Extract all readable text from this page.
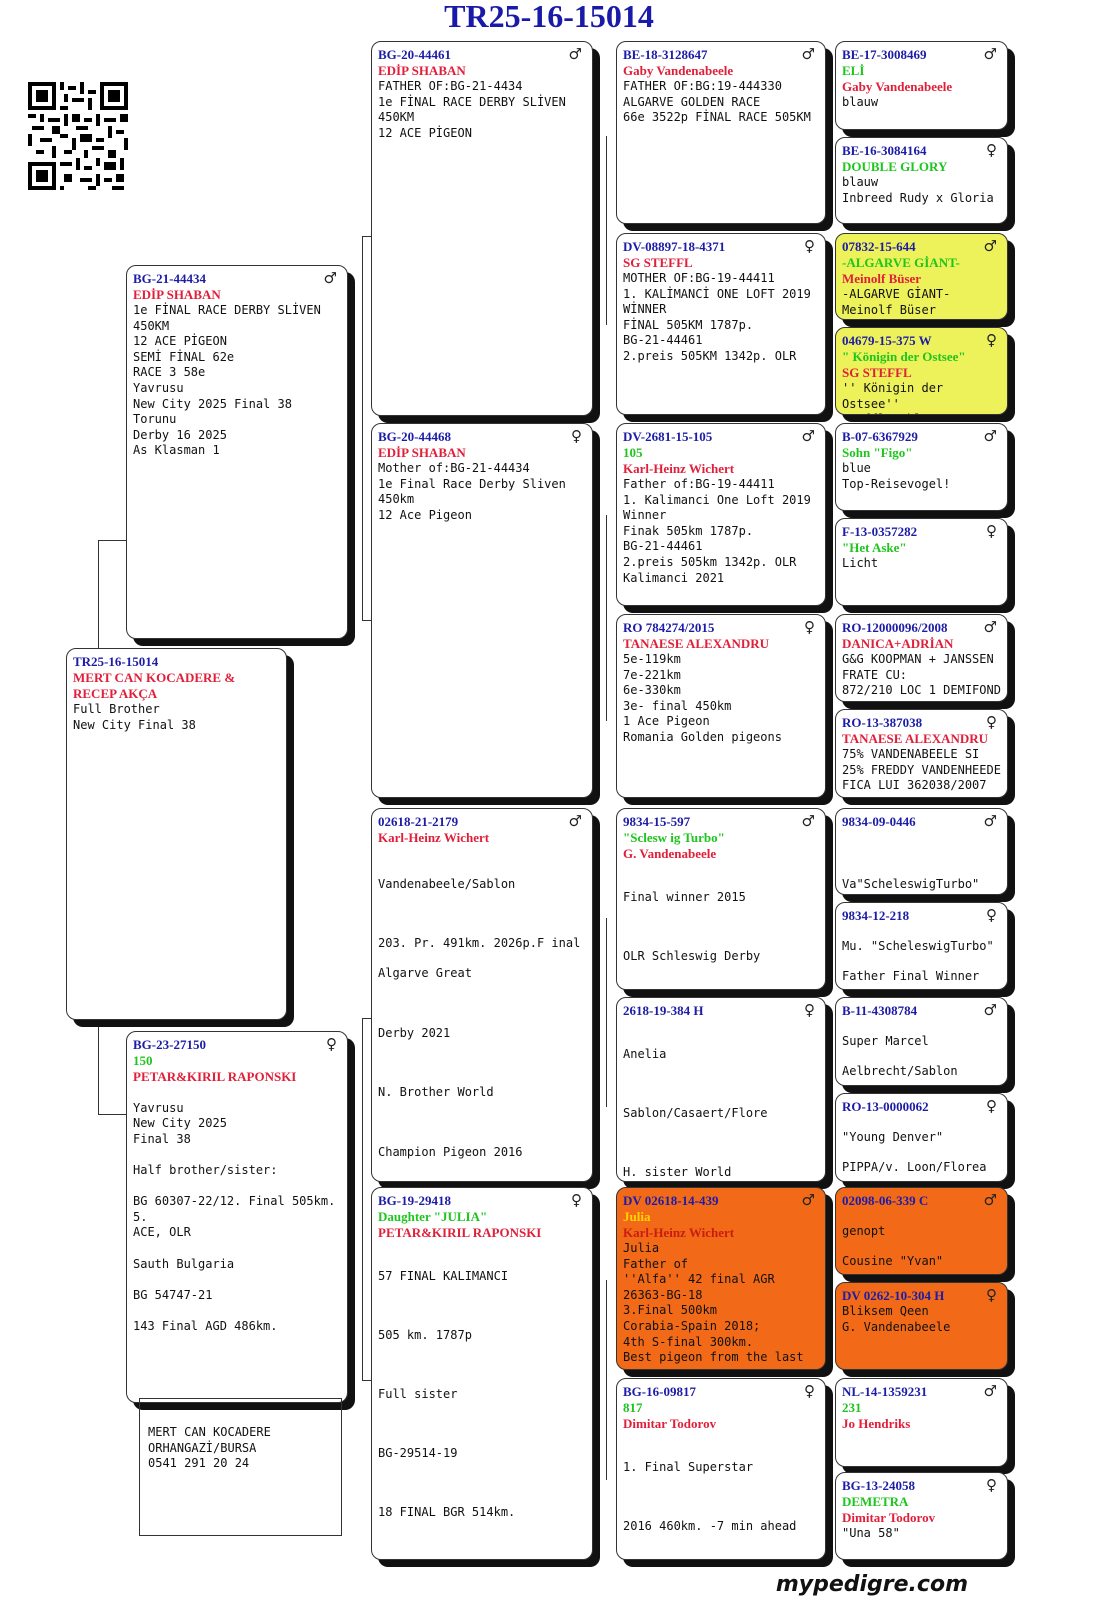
TR25-16-15014
TR25-16-15014
MERT CAN KOCADERE &
RECEP AKÇA
Full Brother
New City Final 38
BG-21-44434	♂
EDİP SHABAN
1e FİNAL RACE DERBY SLİVEN
450KM
12 ACE PİGEON
SEMİ FİNAL 62e
RACE 3 58e
Yavrusu
New City 2025 Final 38
Torunu
Derby 16 2025
As Klasman 1
BG-23-27150	♀
150
PETAR&KIRIL RAPONSKI

Yavrusu
New City 2025
Final 38

Half brother/sister:

BG 60307-22/12. Final 505km. 5.
ACE, OLR

Sauth Bulgaria

BG 54747-21

143 Final AGD 486km.
BG-20-44461	♂
EDİP SHABAN
FATHER OF:BG-21-4434
1e FİNAL RACE DERBY SLİVEN
450KM
12 ACE PİGEON
BG-20-44468	♀
EDİP SHABAN
Mother of:BG-21-44434
1e Final Race Derby Sliven
450km
12 Ace Pigeon
02618-21-2179	♂
Karl-Heinz Wichert

Vandenabeele/Sablon

203. Pr. 491km. 2026p.F inal
Algarve Great

Derby 2021

N. Brother World

Champion Pigeon 2016

BG-19-29418	♀
Daughter "JULIA"
PETAR&KIRIL RAPONSKI

57 FINAL KALIMANCI

505 km. 1787p

Full sister

BG-29514-19

18 FINAL BGR 514km.

BE-18-3128647	♂
Gaby Vandenabeele
FATHER OF:BG:19-444330
ALGARVE GOLDEN RACE
66e 3522p FİNAL RACE 505KM
DV-08897-18-4371	♀
SG STEFFL
MOTHER OF:BG-19-44411
1. KALİMANCİ ONE LOFT 2019
WİNNER
FİNAL 505KM 1787p.
BG-21-44461
2.preis 505KM 1342p. OLR
DV-2681-15-105	♂
105
Karl-Heinz Wichert
Father of:BG-19-44411
1. Kalimanci One Loft 2019
Winner
Finak 505km 1787p.
BG-21-44461
2.preis 505km 1342p. OLR
Kalimanci 2021
RO 784274/2015	♀
TANAESE ALEXANDRU
5e-119km
7e-221km
6e-330km
3e- final 450km
1 Ace Pigeon
Romania Golden pigeons
9834-15-597	♂
"Sclesw ig Turbo"
G. Vandenabeele

Final winner 2015

OLR Schleswig Derby

2618-19-384 H	♀

Anelia

Sablon/Casaert/Flore

H. sister World

DV 02618-14-439	♂
Julia
Karl-Heinz Wichert
Julia
Father of
''Alfa'' 42 final AGR
26363-BG-18
3.Final 500km
Corabia-Spain 2018;
4th S-final 300km.
Best pigeon from the last
BG-16-09817	♀
817
Dimitar Todorov

1. Final Superstar

2016 460km. -7 min ahead

BE-17-3008469	♂
ELİ
Gaby Vandenabeele
blauw
BE-16-3084164	♀
DOUBLE GLORY
blauw
Inbreed Rudy x Gloria
07832-15-644	♂
-ALGARVE GİANT-
Meinolf Büser
-ALGARVE GİANT-
Meinolf Büser
04679-15-375 W	♀
" Königin der Ostsee"
SG STEFFL
'' Königin der Ostsee''

B-07-6367929	♂
Sohn "Figo"
blue
Top-Reisevogel!
F-13-0357282	♀
"Het Aske"
Licht
RO-12000096/2008 ♂
DANICA+ADRİAN
G&G KOOPMAN + JANSSEN
FRATE CU:
872/210 LOC 1 DEMIFOND
RO-13-387038	♀
TANAESE ALEXANDRU
75% VANDENABEELE SI
25% FREDDY VANDENHEEDE
FICA LUI 362038/2007
9834-09-0446	♂

Va"ScheleswigTurbo"
9834-12-218	♀

Mu. "ScheleswigTurbo"

Father Final Winner
B-11-4308784	♂

Super Marcel

Aelbrecht/Sablon
RO-13-0000062	♀

"Young Denver"

PIPPA/v. Loon/Florea
02098-06-339 C	♂

genopt

Cousine "Yvan"
DV 0262-10-304 H	♀
Bliksem Qeen
G. Vandenabeele
NL-14-1359231	♂
231
Jo Hendriks
BG-13-24058	♀
DEMETRA
Dimitar Todorov
"Una 58"
MERT CAN KOCADERE
ORHANGAZİ/BURSA
0541 291 20 24
mypedigre.com
